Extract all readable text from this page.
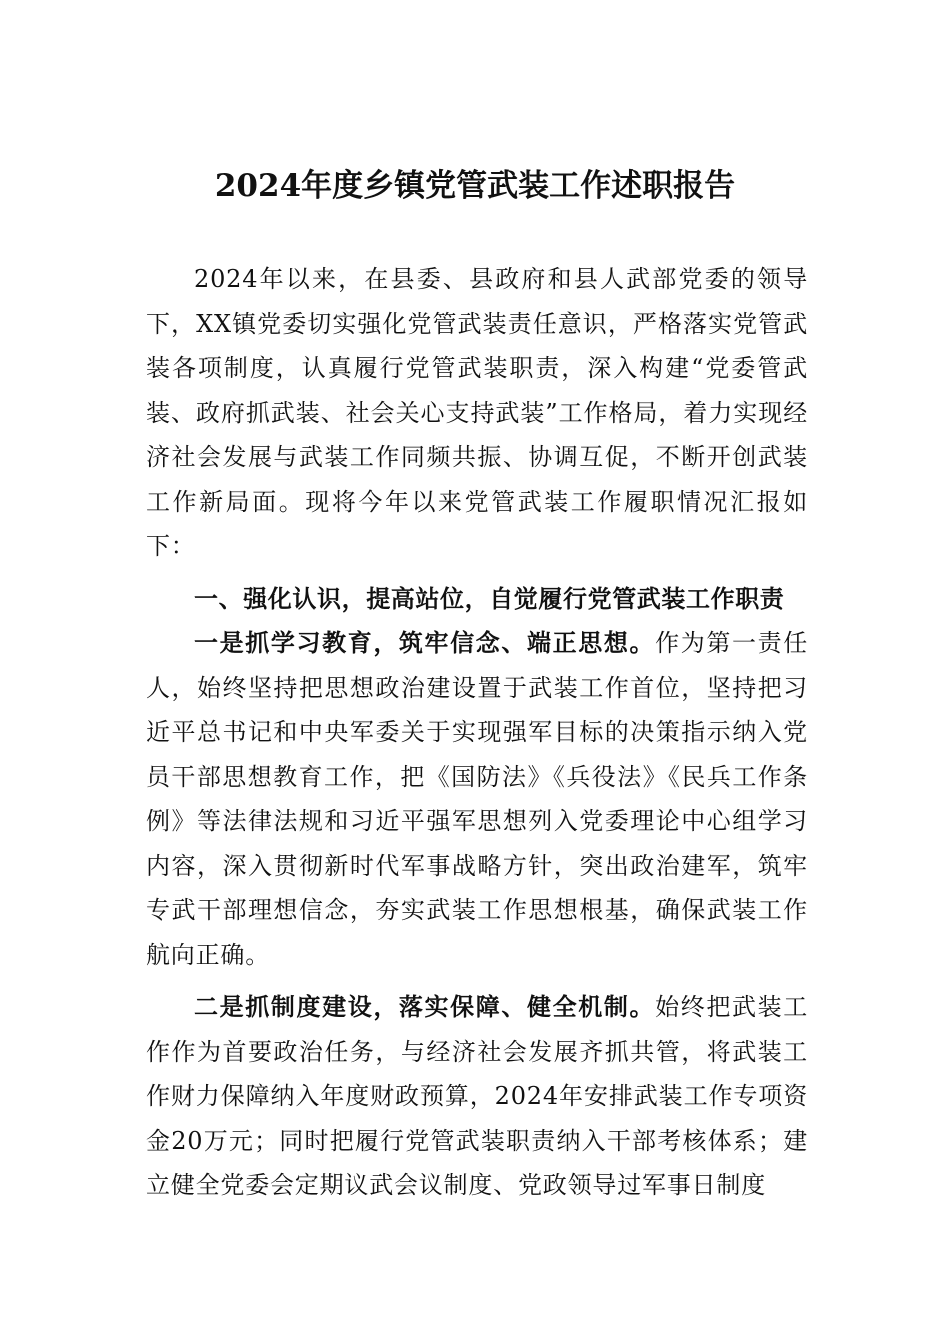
2024年度乡镇党管武装工作述职报告

2024年以来，在县委、县政府和县人武部党委的领导下，XX镇党委切实强化党管武装责任意识，严格落实党管武装各项制度，认真履行党管武装职责，深入构建“党委管武装、政府抓武装、社会关心支持武装”工作格局，着力实现经济社会发展与武装工作同频共振、协调互促，不断开创武装工作新局面。现将今年以来党管武装工作履职情况汇报如下：

一、强化认识，提高站位，自觉履行党管武装工作职责

一是抓学习教育，筑牢信念、端正思想。作为第一责任人，始终坚持把思想政治建设置于武装工作首位，坚持把习近平总书记和中央军委关于实现强军目标的决策指示纳入党员干部思想教育工作，把《国防法》《兵役法》《民兵工作条例》等法律法规和习近平强军思想列入党委理论中心组学习内容，深入贯彻新时代军事战略方针，突出政治建军，筑牢专武干部理想信念，夯实武装工作思想根基，确保武装工作航向正确。

二是抓制度建设，落实保障、健全机制。始终把武装工作作为首要政治任务，与经济社会发展齐抓共管，将武装工作财力保障纳入年度财政预算，2024年安排武装工作专项资金20万元；同时把履行党管武装职责纳入干部考核体系；建立健全党委会定期议武会议制度、党政领导过军事日制度
